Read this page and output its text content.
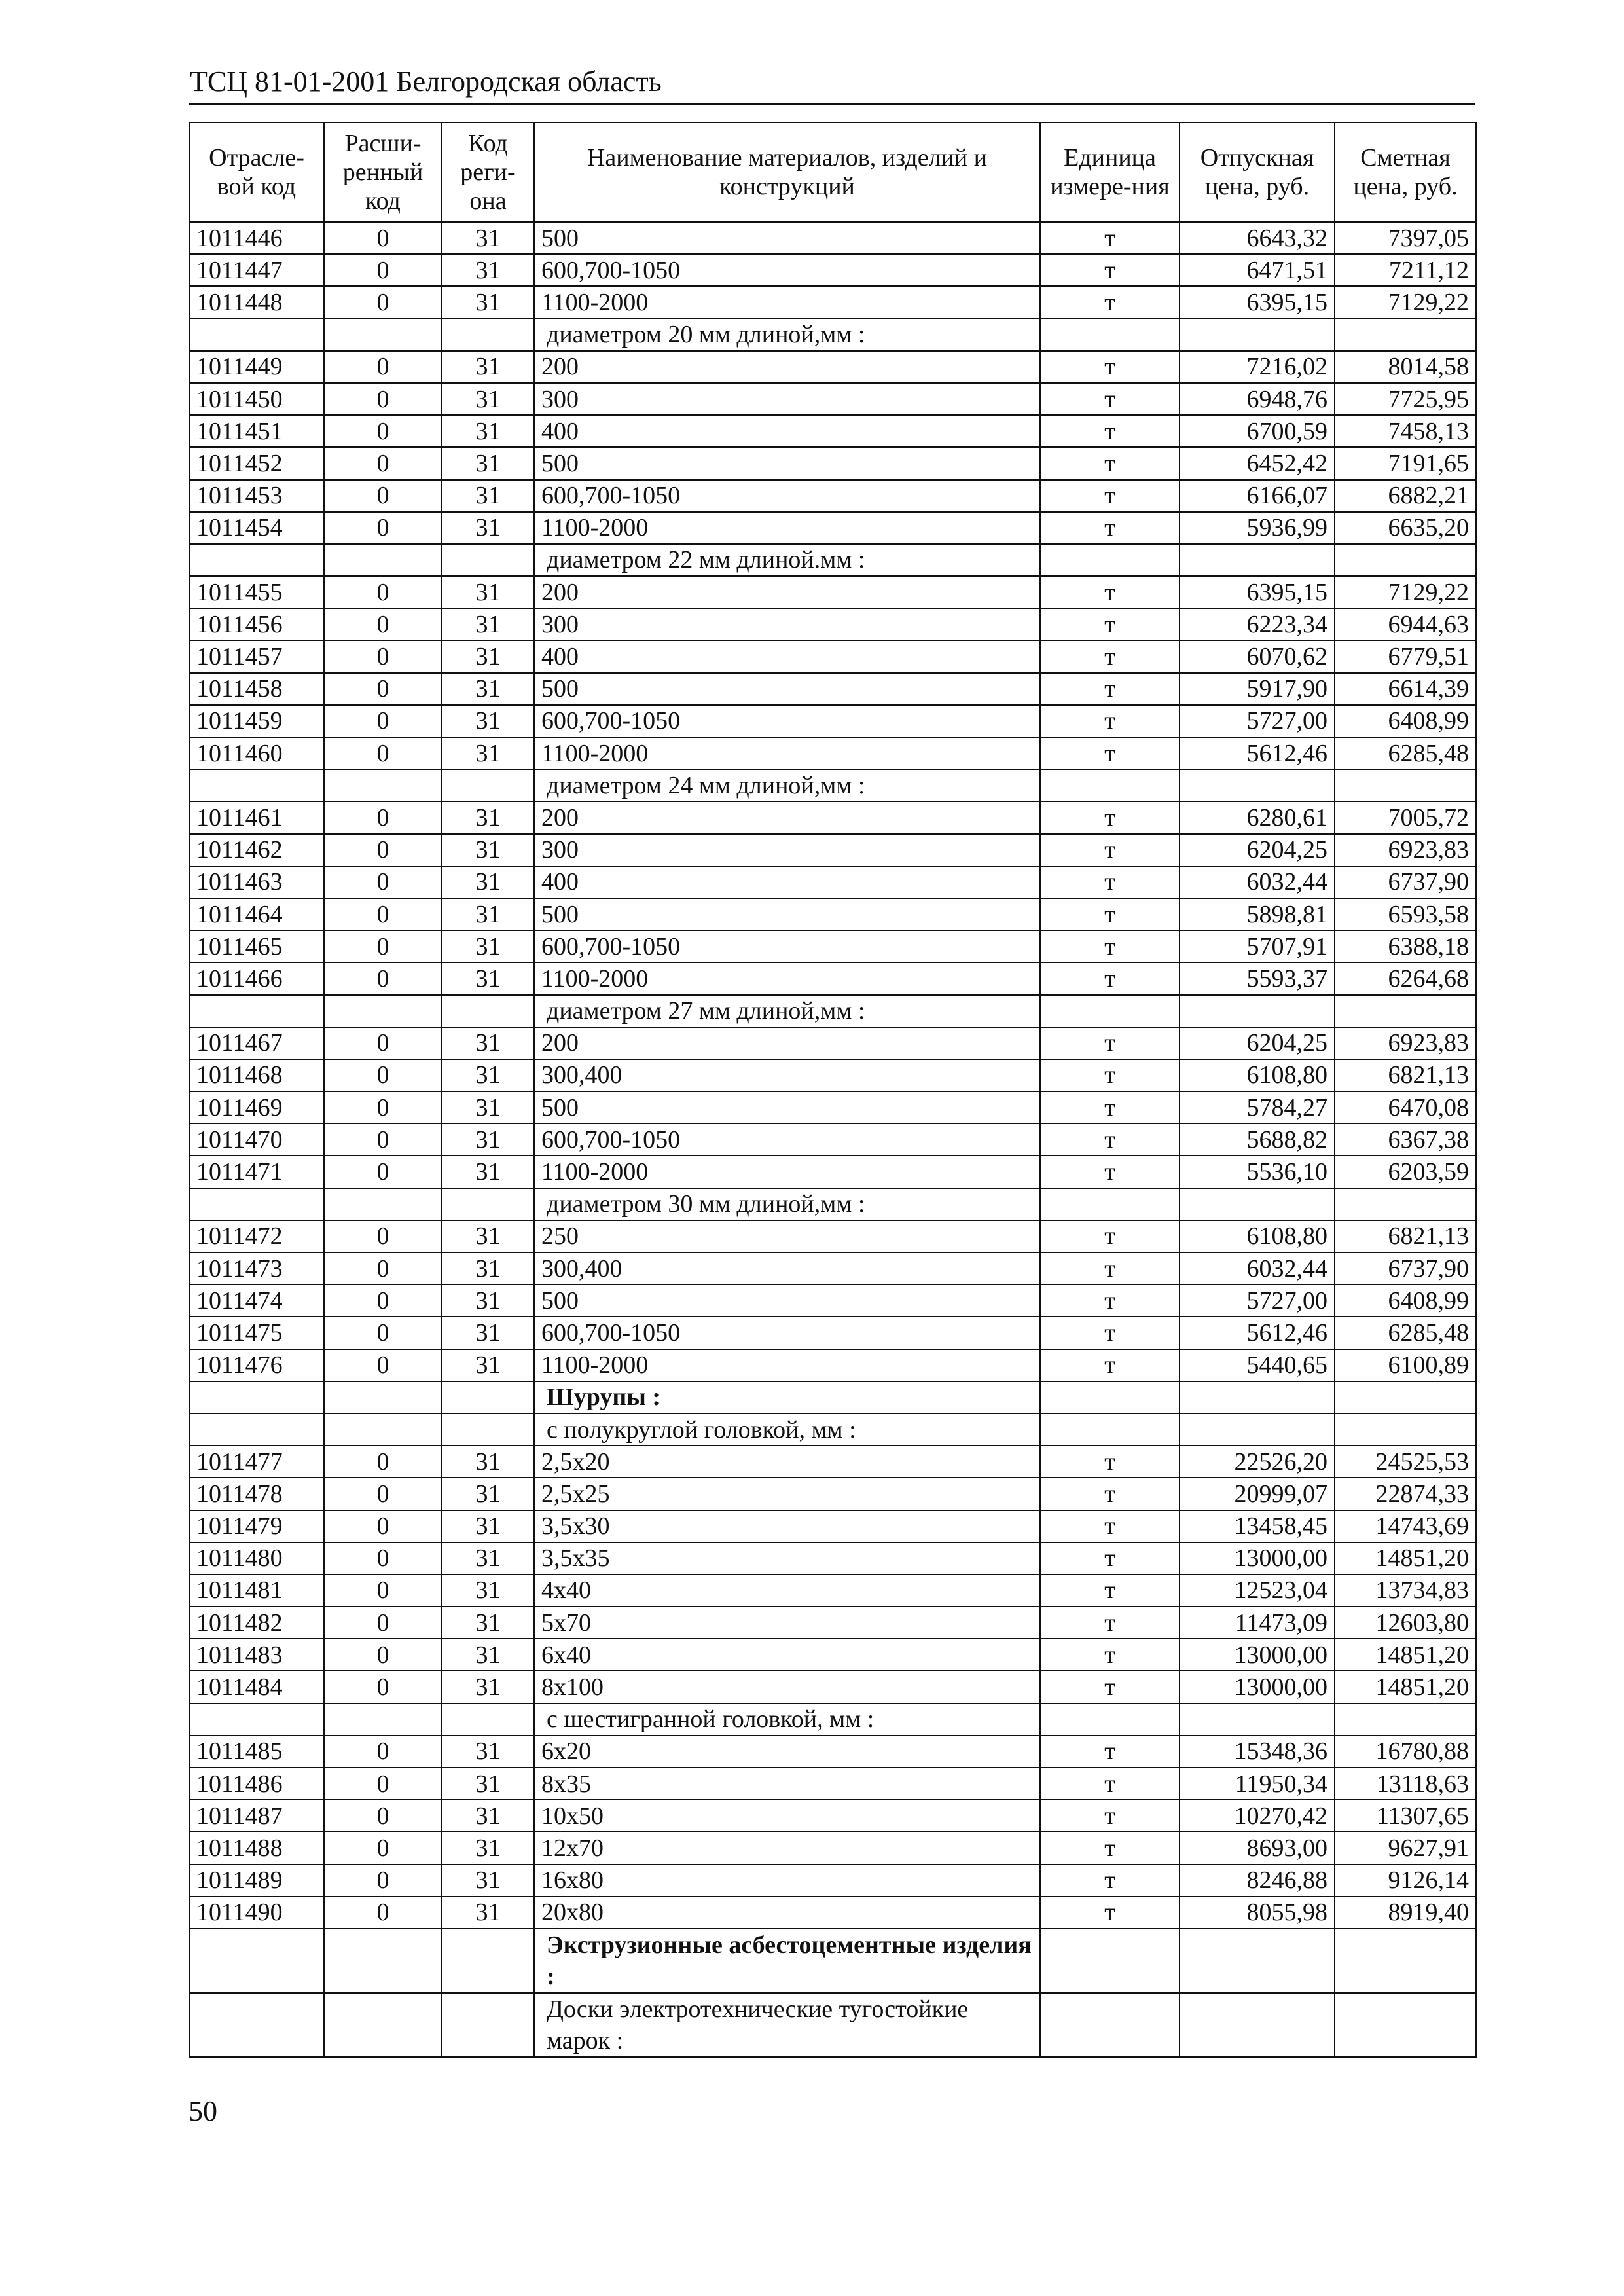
ТСЦ 81-01-2001 Белгородская область
Отрасле-вой код	Расши-ренный код	Код реги-она	Наименование материалов, изделий и конструкций	Единица измере-ния	Отпускная цена, руб.	Сметная цена, руб.
1011446	0	31	500	т	6643,32	7397,05
1011447	0	31	600,700-1050	т	6471,51	7211,12
1011448	0	31	1100-2000	т	6395,15	7129,22
			диаметром 20 мм длиной,мм :			
1011449	0	31	200	т	7216,02	8014,58
1011450	0	31	300	т	6948,76	7725,95
1011451	0	31	400	т	6700,59	7458,13
1011452	0	31	500	т	6452,42	7191,65
1011453	0	31	600,700-1050	т	6166,07	6882,21
1011454	0	31	1100-2000	т	5936,99	6635,20
			диаметром 22 мм длиной.мм :			
1011455	0	31	200	т	6395,15	7129,22
1011456	0	31	300	т	6223,34	6944,63
1011457	0	31	400	т	6070,62	6779,51
1011458	0	31	500	т	5917,90	6614,39
1011459	0	31	600,700-1050	т	5727,00	6408,99
1011460	0	31	1100-2000	т	5612,46	6285,48
			диаметром 24 мм длиной,мм :			
1011461	0	31	200	т	6280,61	7005,72
1011462	0	31	300	т	6204,25	6923,83
1011463	0	31	400	т	6032,44	6737,90
1011464	0	31	500	т	5898,81	6593,58
1011465	0	31	600,700-1050	т	5707,91	6388,18
1011466	0	31	1100-2000	т	5593,37	6264,68
			диаметром 27 мм длиной,мм :			
1011467	0	31	200	т	6204,25	6923,83
1011468	0	31	300,400	т	6108,80	6821,13
1011469	0	31	500	т	5784,27	6470,08
1011470	0	31	600,700-1050	т	5688,82	6367,38
1011471	0	31	1100-2000	т	5536,10	6203,59
			диаметром 30 мм длиной,мм :			
1011472	0	31	250	т	6108,80	6821,13
1011473	0	31	300,400	т	6032,44	6737,90
1011474	0	31	500	т	5727,00	6408,99
1011475	0	31	600,700-1050	т	5612,46	6285,48
1011476	0	31	1100-2000	т	5440,65	6100,89
			Шурупы :			
			с полукруглой головкой, мм :			
1011477	0	31	2,5x20	т	22526,20	24525,53
1011478	0	31	2,5x25	т	20999,07	22874,33
1011479	0	31	3,5x30	т	13458,45	14743,69
1011480	0	31	3,5x35	т	13000,00	14851,20
1011481	0	31	4x40	т	12523,04	13734,83
1011482	0	31	5x70	т	11473,09	12603,80
1011483	0	31	6x40	т	13000,00	14851,20
1011484	0	31	8x100	т	13000,00	14851,20
			с шестигранной головкой, мм :			
1011485	0	31	6x20	т	15348,36	16780,88
1011486	0	31	8x35	т	11950,34	13118,63
1011487	0	31	10x50	т	10270,42	11307,65
1011488	0	31	12x70	т	8693,00	9627,91
1011489	0	31	16x80	т	8246,88	9126,14
1011490	0	31	20x80	т	8055,98	8919,40
			Экструзионные асбестоцементные изделия :			
			Доски электротехнические тугостойкие марок :			
50
